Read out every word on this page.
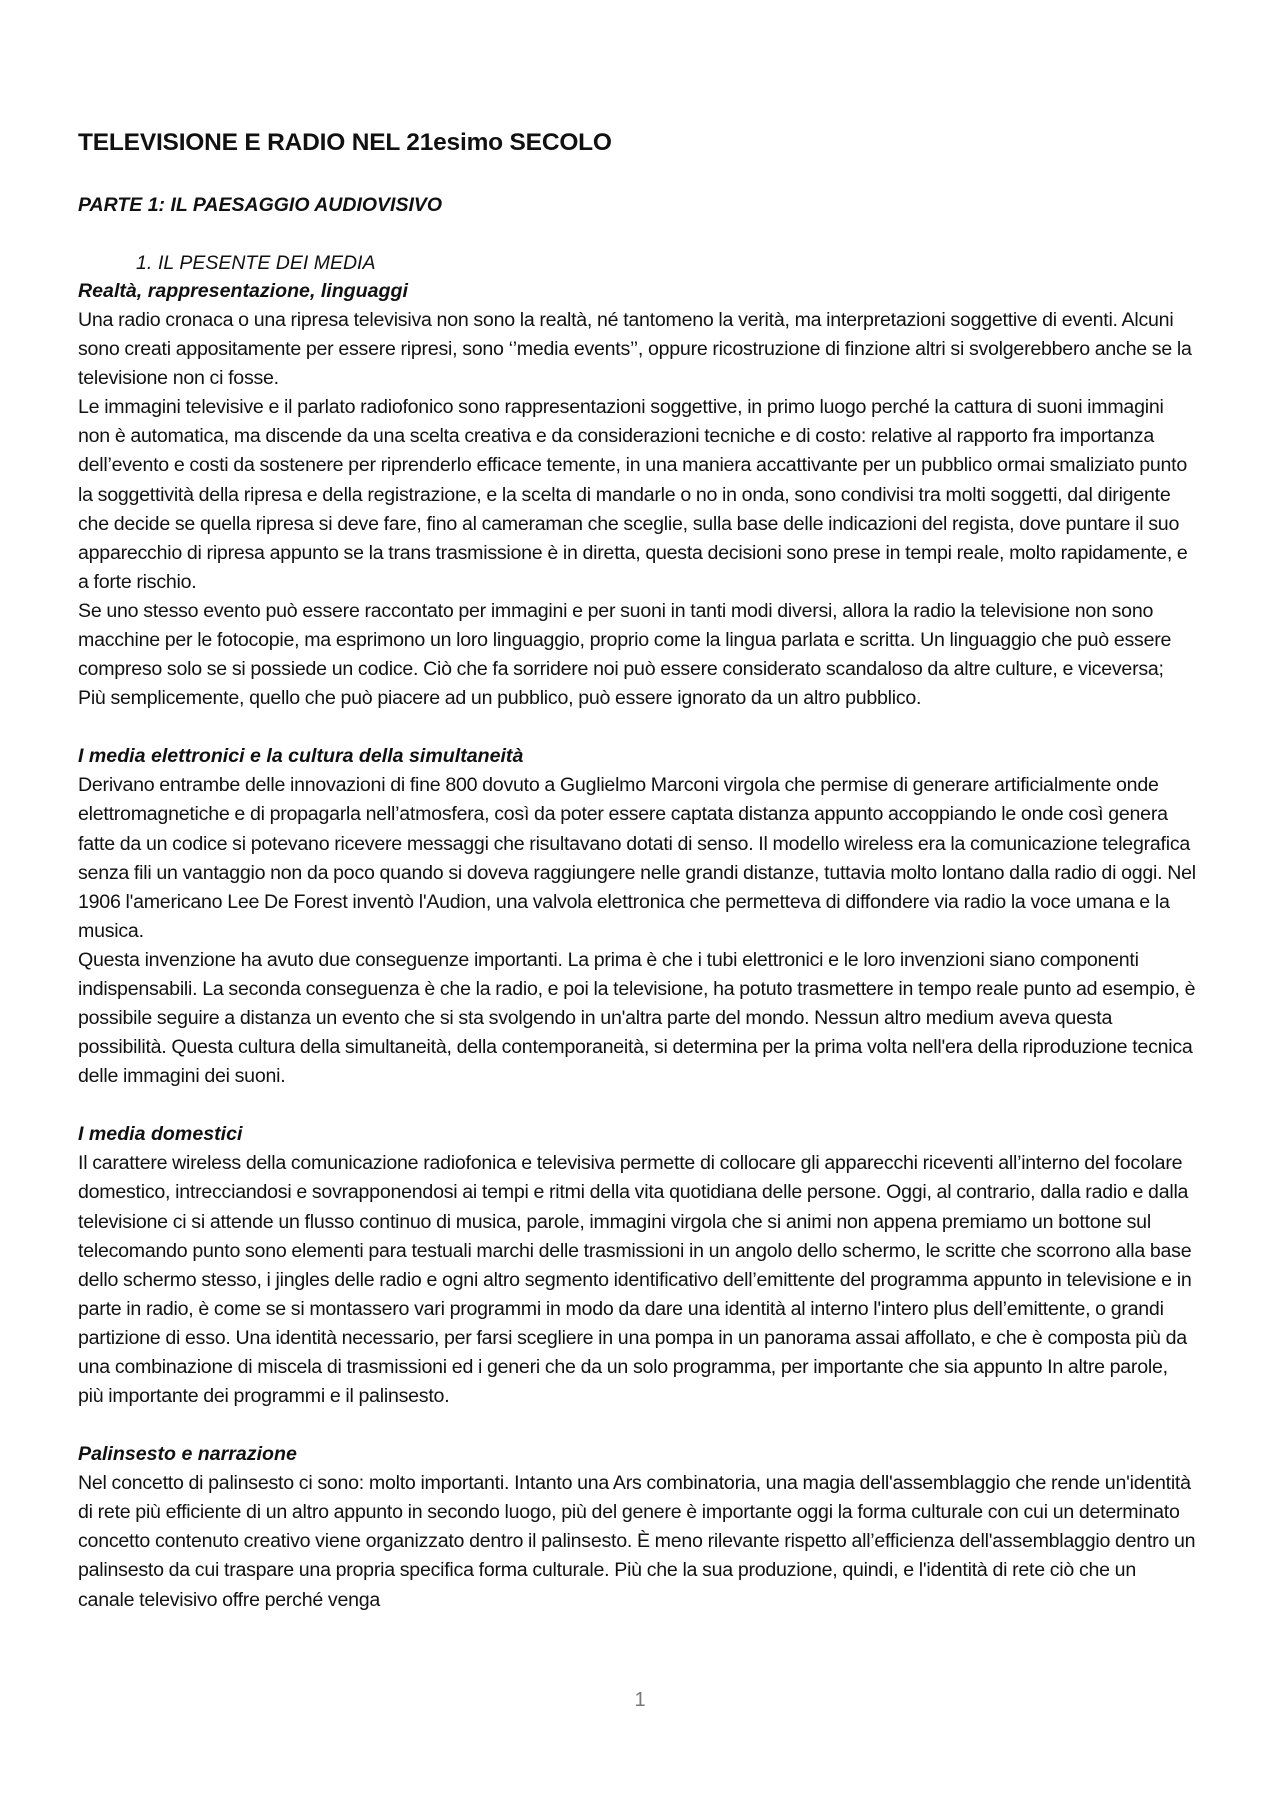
TELEVISIONE E RADIO NEL 21esimo SECOLO
PARTE 1: IL PAESAGGIO AUDIOVISIVO
1. IL PESENTE DEI MEDIA
Realtà, rappresentazione, linguaggi

Una radio cronaca o una ripresa televisiva non sono la realtà, né tantomeno la verità, ma interpretazioni soggettive di eventi. Alcuni sono creati appositamente per essere ripresi, sono ‘’media events’’, oppure ricostruzione di finzione altri si svolgerebbero anche se la televisione non ci fosse.

Le immagini televisive e il parlato radiofonico sono rappresentazioni soggettive, in primo luogo perché la cattura di suoni immagini non è automatica, ma discende da una scelta creativa e da considerazioni tecniche e di costo: relative al rapporto fra importanza dell’evento e costi da sostenere per riprenderlo efficace temente, in una maniera accattivante per un pubblico ormai smaliziato punto la soggettività della ripresa e della registrazione, e la scelta di mandarle o no in onda, sono condivisi tra molti soggetti, dal dirigente che decide se quella ripresa si deve fare, fino al cameraman che sceglie, sulla base delle indicazioni del regista, dove puntare il suo apparecchio di ripresa appunto se la trans trasmissione è in diretta, questa decisioni sono prese in tempi reale, molto rapidamente, e a forte rischio.

Se uno stesso evento può essere raccontato per immagini e per suoni in tanti modi diversi, allora la radio la televisione non sono macchine per le fotocopie, ma esprimono un loro linguaggio, proprio come la lingua parlata e scritta. Un linguaggio che può essere compreso solo se si possiede un codice. Ciò che fa sorridere noi può essere considerato scandaloso da altre culture, e viceversa; Più semplicemente, quello che può piacere ad un pubblico, può essere ignorato da un altro pubblico.

I media elettronici e la cultura della simultaneità

Derivano entrambe delle innovazioni di fine 800 dovuto a Guglielmo Marconi virgola che permise di generare artificialmente onde elettromagnetiche e di propagarla nell’atmosfera, così da poter essere captata distanza appunto accoppiando le onde così genera fatte da un codice si potevano ricevere messaggi che risultavano dotati di senso. Il modello wireless era la comunicazione telegrafica senza fili un vantaggio non da poco quando si doveva raggiungere nelle grandi distanze, tuttavia molto lontano dalla radio di oggi. Nel 1906 l'americano Lee De Forest inventò l'Audion, una valvola elettronica che permetteva di diffondere via radio la voce umana e la musica.

Questa invenzione ha avuto due conseguenze importanti. La prima è che i tubi elettronici e le loro invenzioni siano componenti indispensabili. La seconda conseguenza è che la radio, e poi la televisione, ha potuto trasmettere in tempo reale punto ad esempio, è possibile seguire a distanza un evento che si sta svolgendo in un'altra parte del mondo. Nessun altro medium aveva questa possibilità. Questa cultura della simultaneità, della contemporaneità, si determina per la prima volta nell'era della riproduzione tecnica delle immagini dei suoni.

I media domestici

Il carattere wireless della comunicazione radiofonica e televisiva permette di collocare gli apparecchi riceventi all’interno del focolare domestico, intrecciandosi e sovrapponendosi ai tempi e ritmi della vita quotidiana delle persone. Oggi, al contrario, dalla radio e dalla televisione ci si attende un flusso continuo di musica, parole, immagini virgola che si animi non appena premiamo un bottone sul telecomando punto sono elementi para testuali marchi delle trasmissioni in un angolo dello schermo, le scritte che scorrono alla base dello schermo stesso, i jingles delle radio e ogni altro segmento identificativo dell’emittente del programma appunto in televisione e in parte in radio, è come se si montassero vari programmi in modo da dare una identità al interno l'intero plus dell’emittente, o grandi partizione di esso. Una identità necessario, per farsi scegliere in una pompa in un panorama assai affollato, e che è composta più da una combinazione di miscela di trasmissioni ed i generi che da un solo programma, per importante che sia appunto In altre parole, più importante dei programmi e il palinsesto.

Palinsesto e narrazione

Nel concetto di palinsesto ci sono: molto importanti. Intanto una Ars combinatoria, una magia dell'assemblaggio che rende un'identità di rete più efficiente di un altro appunto in secondo luogo, più del genere è importante oggi la forma culturale con cui un determinato concetto contenuto creativo viene organizzato dentro il palinsesto. È meno rilevante rispetto all’efficienza dell'assemblaggio dentro un palinsesto da cui traspare una propria specifica forma culturale. Più che la sua produzione, quindi, e l'identità di rete ciò che un canale televisivo offre perché venga

1
